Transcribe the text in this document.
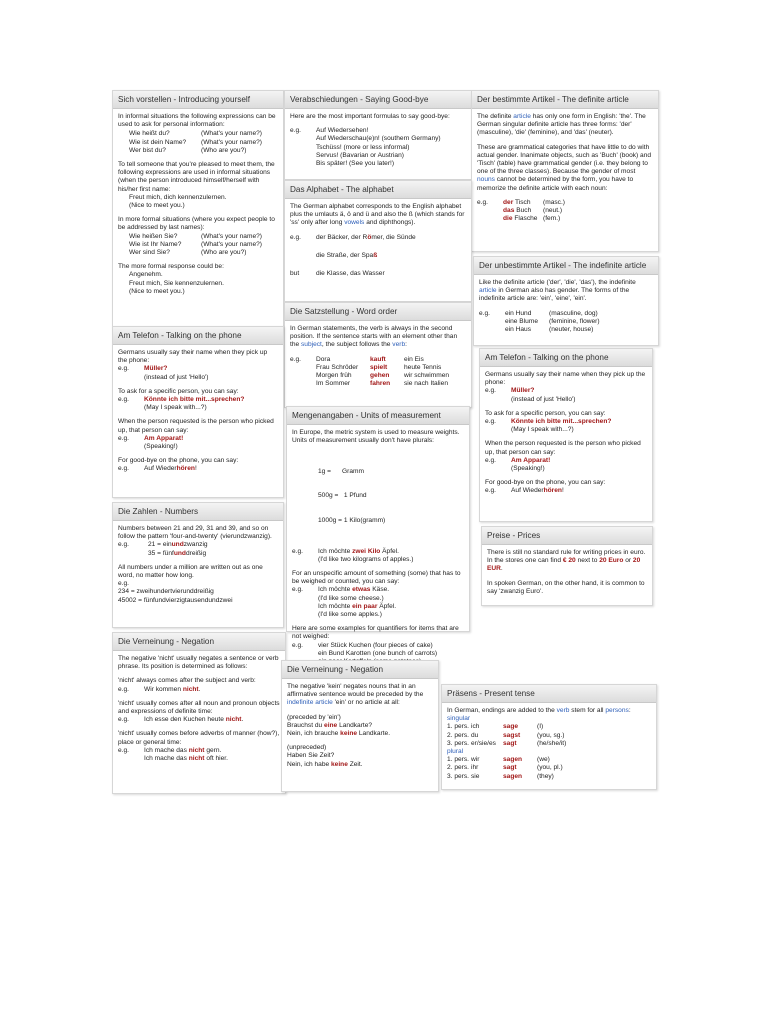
Sich vorstellen - Introducing yourself
In informal situations the following expressions can be used to ask for personal information:
Wie heißt du?	(What's your name?)
Wie ist dein Name?	(What's your name?)
Wer bist du?	(Who are you?)
To tell someone that you're pleased to meet them, the following expressions are used in informal situations (when the person introduced himself/herself with his/her first name:
Freut mich, dich kennenzulernen.
(Nice to meet you.)
In more formal situations (where you expect people to be addressed by last names):
Wie heißen Sie?	(What's your name?)
Wie ist Ihr Name?	(What's your name?)
Wer sind Sie?	(Who are you?)
The more formal response could be:
Angenehm.
Freut mich, Sie kennenzulernen.
(Nice to meet you.)
Verabschiedungen - Saying Good-bye
Here are the most important formulas to say good-bye:
e.g.	Auf Wiedersehen!
Auf Wiederschau(e)n! (southern Germany)
Tschüss! (more or less informal)
Servus! (Bavarian or Austrian)
Bis später! (See you later!)
Der bestimmte Artikel - The definite article
The definite article has only one form in English: 'the'. The German singular definite article has three forms: 'der' (masculine), 'die' (feminine), and 'das' (neuter).
These are grammatical categories that have little to do with actual gender. Inanimate objects, such as 'Buch' (book) and 'Tisch' (table) have grammatical gender (i.e. they belong to one of the three classes). Because the gender of most nouns cannot be determined by the form, you have to memorize the definite article with each noun:
e.g.	der Tisch	(masc.)
das Buch	(neut.)
die Flasche (fem.)
Das Alphabet - The alphabet
The German alphabet corresponds to the English alphabet plus the umlauts ä, ö and ü and also the ß (which stands for 'ss' only after long vowels and diphthongs).
e.g.	der Bäcker, der Römer, die Sünde
die Straße, der Spaß
but	die Klasse, das Wasser
Die Satzstellung - Word order
In German statements, the verb is always in the second position. If the sentence starts with an element other than the subject, the subject follows the verb:
e.g.	Dora	kauft	ein Eis
Frau Schröder	spielt	heute Tennis
Morgen früh	gehen	wir schwimmen
Im Sommer	fahren	sie nach Italien
Mengenangaben - Units of measurement
In Europe, the metric system is used to measure weights. Units of measurement usually don't have plurals:

1g =      Gramm

500g =   1 Pfund

1000g = 1 Kilo(gramm)

e.g.	Ich möchte zwei Kilo Äpfel.
(I'd like two kilograms of apples.)
For an unspecific amount of something (some) that has to be weighed or counted, you can say:
e.g.	Ich möchte etwas Käse.
(I'd like some cheese.)
Ich möchte ein paar Äpfel.
(I'd like some apples.)
Here are some examples for quantifiers for items that are not weighed:
e.g.	vier Stück Kuchen (four pieces of cake)
ein Bund Karotten (one bunch of carrots)
Der unbestimmte Artikel - The indefinite article
Like the definite article ('der', 'die', 'das'), the indefinite article in German also has gender. The forms of the indefinite article are: 'ein', 'eine', 'ein'.
e.g.	ein Hund	(masculine, dog)
eine Blume	(feminine, flower)
ein Haus	(neuter, house)
Am Telefon - Talking on the phone
Germans usually say their name when they pick up the phone:
e.g.	Müller?
(instead of just 'Hello')
To ask for a specific person, you can say:
e.g.	Könnte ich bitte mit...sprechen?
(May I speak with...?)
When the person requested is the person who picked up, that person can say:
e.g.	Am Apparat!
(Speaking!)
For good-bye on the phone, you can say:
e.g.	Auf Wiederhören!
Am Telefon - Talking on the phone
Germans usually say their name when they pick up the phone:
e.g.	Müller?
(instead of just 'Hello')
To ask for a specific person, you can say:
e.g.	Könnte ich bitte mit...sprechen?
(May I speak with...?)
When the person requested is the person who picked up, that person can say:
e.g.	Am Apparat!
(Speaking!)
For good-bye on the phone, you can say:
e.g.	Auf Wiederhören!
Die Zahlen - Numbers
Numbers between 21 and 29, 31 and 39, and so on follow the pattern 'four-and-twenty' (vierundzwanzig).
e.g.	21 = einundzwanzig
35 = fünfunddreißig
All numbers under a million are written out as one word, no matter how long.
e.g.
234 = zweihundertvierunddreißig
45002 = fünfundvierzigtausendundzwei
Preise - Prices
There is still no standard rule for writing prices in euro. In the stores one can find € 20 next to 20 Euro or 20 EUR.
In spoken German, on the other hand, it is common to say 'zwanzig Euro'.
Die Verneinung - Negation
The negative 'nicht' usually negates a sentence or verb phrase. Its position is determined as follows:
'nicht' always comes after the subject and verb:
e.g.	Wir kommen nicht.
'nicht' usually comes after all noun and pronoun objects and expressions of definite time:
e.g.	Ich esse den Kuchen heute nicht.
'nicht' usually comes before adverbs of manner (how?), place or general time:
e.g.	Ich mache das nicht gern.
Ich mache das nicht oft hier.
Die Verneinung - Negation
The negative 'kein' negates nouns that in an affirmative sentence would be preceded by the indefinite article 'ein' or no article at all:
(preceded by 'ein')
Brauchst du eine Landkarte?
Nein, ich brauche keine Landkarte.
(unpreceded)
Haben Sie Zeit?
Nein, ich habe keine Zeit.
Präsens - Present tense
In German, endings are added to the verb stem for all persons:
singular
1. pers. ich	sage	(I)
2. pers. du	sagst	(you, sg.)
3. pers. er/sie/es	sagt	(he/she/it)
plural
1. pers. wir	sagen	(we)
2. pers. ihr	sagt	(you, pl.)
3. pers. sie	sagen	(they)
